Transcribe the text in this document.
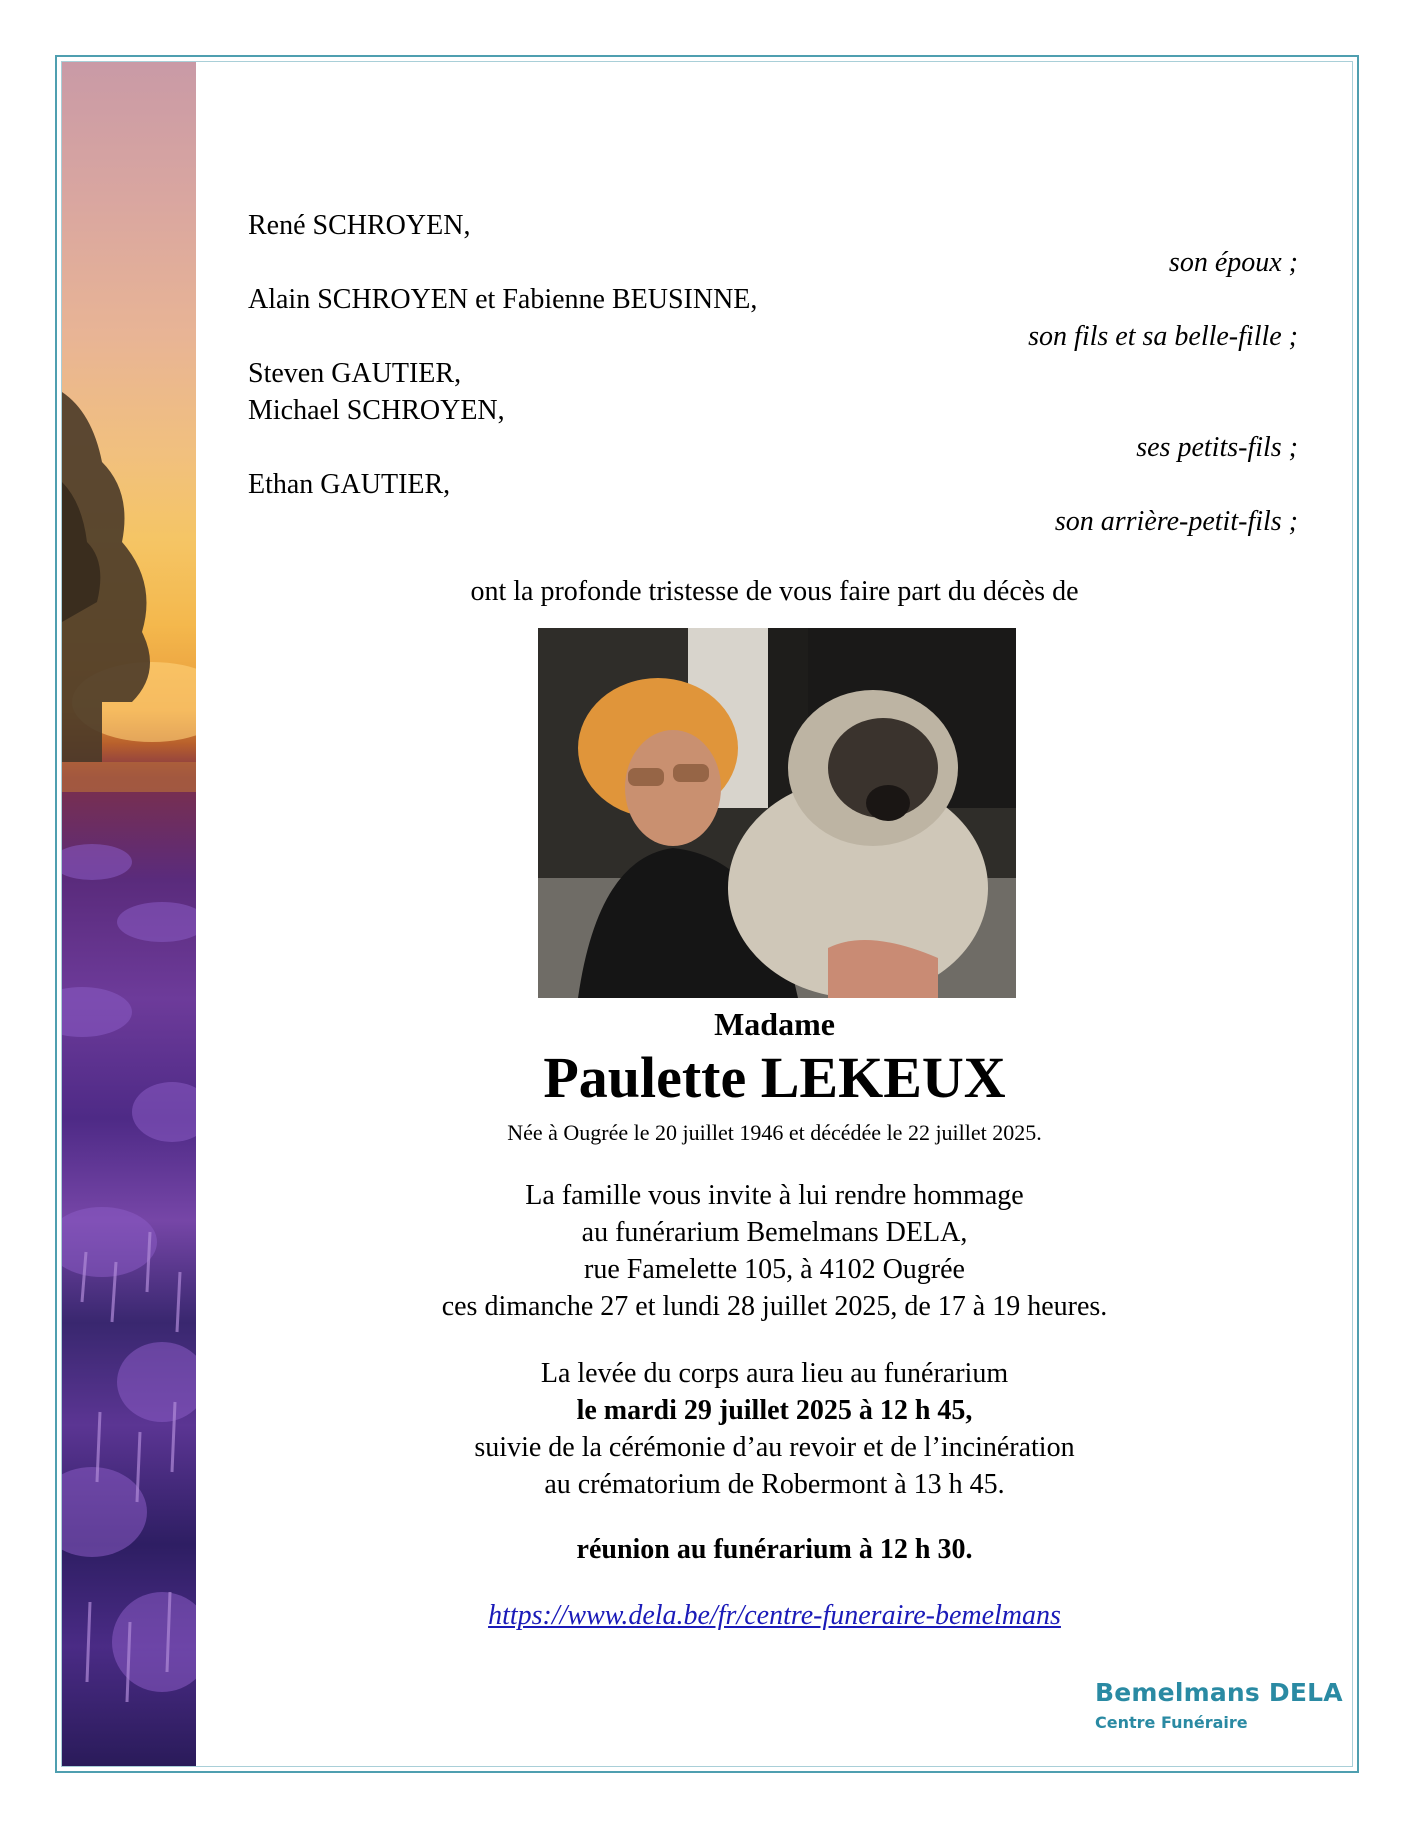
René SCHROYEN,
son époux ;
Alain SCHROYEN et Fabienne BEUSINNE,
son fils et sa belle-fille ;
Steven GAUTIER,
Michael SCHROYEN,
ses petits-fils ;
Ethan GAUTIER,
son arrière-petit-fils ;
ont la profonde tristesse de vous faire part du décès de
Madame
Paulette LEKEUX
Née à Ougrée le 20 juillet 1946 et décédée le 22 juillet 2025.
La famille vous invite à lui rendre hommage
au funérarium Bemelmans DELA,
rue Famelette 105, à 4102 Ougrée
ces dimanche 27 et lundi 28 juillet 2025, de 17 à 19 heures.
La levée du corps aura lieu au funérarium
le mardi 29 juillet 2025 à 12 h 45,
suivie de la cérémonie d’au revoir et de l’incinération
au crématorium de Robermont à 13 h 45.
réunion au funérarium à 12 h 30.
https://www.dela.be/fr/centre-funeraire-bemelmans
Bemelmans DELA
Centre Funéraire
